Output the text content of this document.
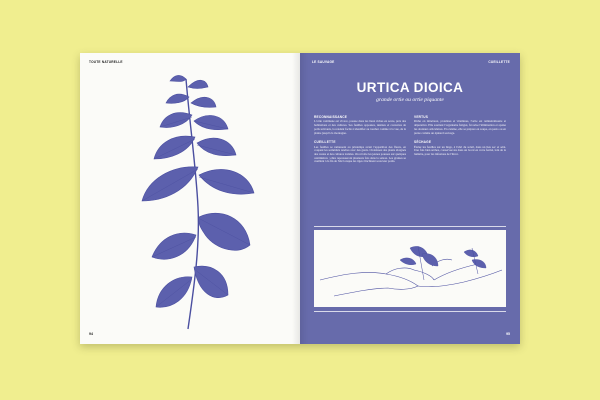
TOUTE NATURELLE
94
LE SAUVAGE	CUEILLETTE
URTICA DIOICA
grande ortie ou ortie piquante
RECONNAISSANCE

L'ortie commune est vivace, pousse dans les lieux riches en azote, près des habitations et des cultures. Ses feuilles opposées, dentées et couvertes de poils urticants, la rendent facile à identifier au toucher comme à la vue, de la plaine jusqu'à la montagne.

CUEILLETTE

Les feuilles se ramassent au printemps avant l'apparition des fleurs, en coupant les sommités tendres avec des gants. Choisissez des plants éloignés des routes et des cultures traitées. On récolte les jeunes pousses sur quelques centimètres ; elles repousseront plusieurs fois dans la saison. Les graines se cueillent à la fin de l'été lorsque les tiges s'inclinent sous leur poids.

VERTUS

Riche en minéraux, protéines et vitamines, l'ortie est reminéralisante et dépurative. Elle soutient l'organisme fatigué, favorise l'élimination et apaise les douleurs articulaires. En cuisine, elle se prépare en soupe, en pesto ou en purée comme un épinard sauvage.

SÉCHAGE

Étalez les feuilles sur un linge, à l'abri du soleil, dans un lieu sec et aéré. Une fois bien sèches, conservez-les dans un bocal en verre fermé, loin de la lumière, pour les infusions de l'hiver.

95
